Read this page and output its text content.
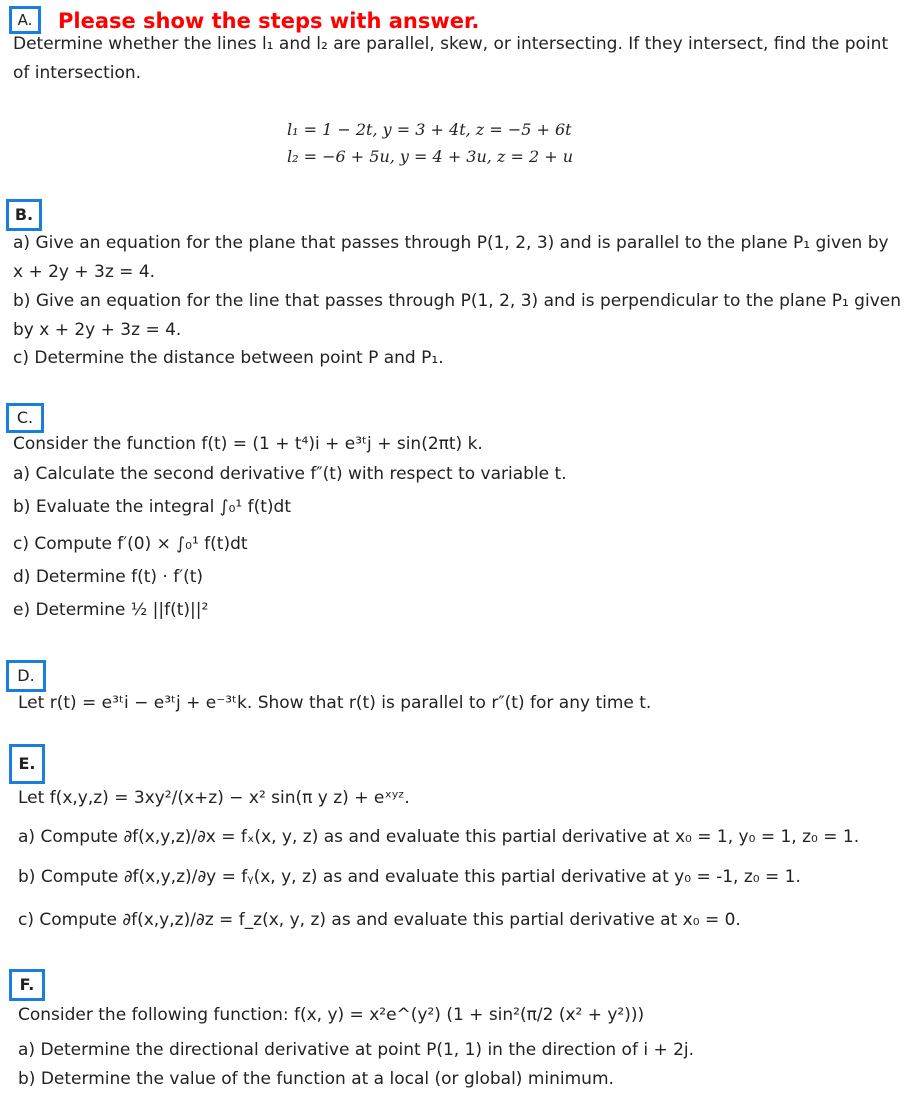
A.	Please show the steps with answer.
Determine whether the lines l₁ and l₂ are parallel, skew, or intersecting. If they intersect, find the point
of intersection.
l₁ = 1 − 2t, y = 3 + 4t, z = −5 + 6t
l₂ = −6 + 5u, y = 4 + 3u, z = 2 + u
B.
a) Give an equation for the plane that passes through P(1, 2, 3) and is parallel to the plane P₁ given by
x + 2y + 3z = 4.
b) Give an equation for the line that passes through P(1, 2, 3) and is perpendicular to the plane P₁ given
by x + 2y + 3z = 4.
c) Determine the distance between point P and P₁.
C.
Consider the function f(t) = (1 + t⁴)i + e³ᵗj + sin(2πt) k.
a) Calculate the second derivative f″(t) with respect to variable t.
b) Evaluate the integral ∫₀¹ f(t)dt
c) Compute f′(0) × ∫₀¹ f(t)dt
d) Determine f(t) · f′(t)
e) Determine ½ ||f(t)||²
D.
Let r(t) = e³ᵗi − e³ᵗj + e⁻³ᵗk. Show that r(t) is parallel to r″(t) for any time t.
E.
Let f(x,y,z) = 3xy²/(x+z) − x² sin(π y z) + eˣʸᶻ.
a) Compute ∂f(x,y,z)/∂x = fₓ(x, y, z) as and evaluate this partial derivative at x₀ = 1, y₀ = 1, z₀ = 1.
b) Compute ∂f(x,y,z)/∂y = fᵧ(x, y, z) as and evaluate this partial derivative at y₀ = -1, z₀ = 1.
c) Compute ∂f(x,y,z)/∂z = f_z(x, y, z) as and evaluate this partial derivative at x₀ = 0.
F.
Consider the following function: f(x, y) = x²e^(y²) (1 + sin²(π/2 (x² + y²)))
a) Determine the directional derivative at point P(1, 1) in the direction of i + 2j.
b) Determine the value of the function at a local (or global) minimum.
